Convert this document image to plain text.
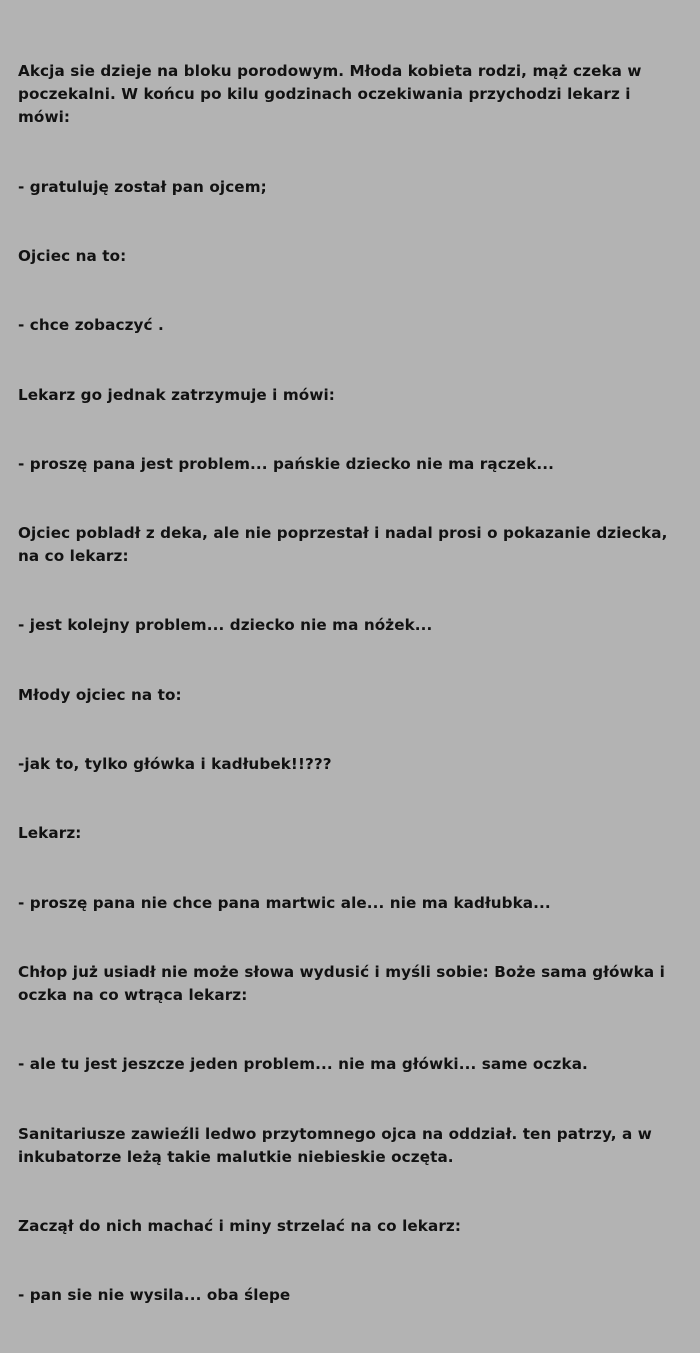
Akcja sie dzieje na bloku porodowym. Młoda kobieta rodzi, mąż czeka w poczekalni. W końcu po kilu godzinach oczekiwania przychodzi lekarz i mówi:

- gratuluję został pan ojcem;

Ojciec na to:

- chce zobaczyć .

Lekarz go jednak zatrzymuje i mówi:

- proszę pana jest problem... pańskie dziecko nie ma rączek...

Ojciec pobladł z deka, ale nie poprzestał i nadal prosi o pokazanie dziecka, na co lekarz:

- jest kolejny problem... dziecko nie ma nóżek...

Młody ojciec na to:

-jak to, tylko główka i kadłubek!!???

Lekarz:

- proszę pana nie chce pana martwic ale... nie ma kadłubka...

Chłop już usiadł nie może słowa wydusić i myśli sobie: Boże sama główka i oczka na co wtrąca lekarz:

- ale tu jest jeszcze jeden problem... nie ma główki... same oczka.

Sanitariusze zawieźli ledwo przytomnego ojca na oddział. ten patrzy, a w inkubatorze leżą takie malutkie niebieskie oczęta.

Zaczął do nich machać i miny strzelać na co lekarz:

- pan sie nie wysila... oba ślepe
